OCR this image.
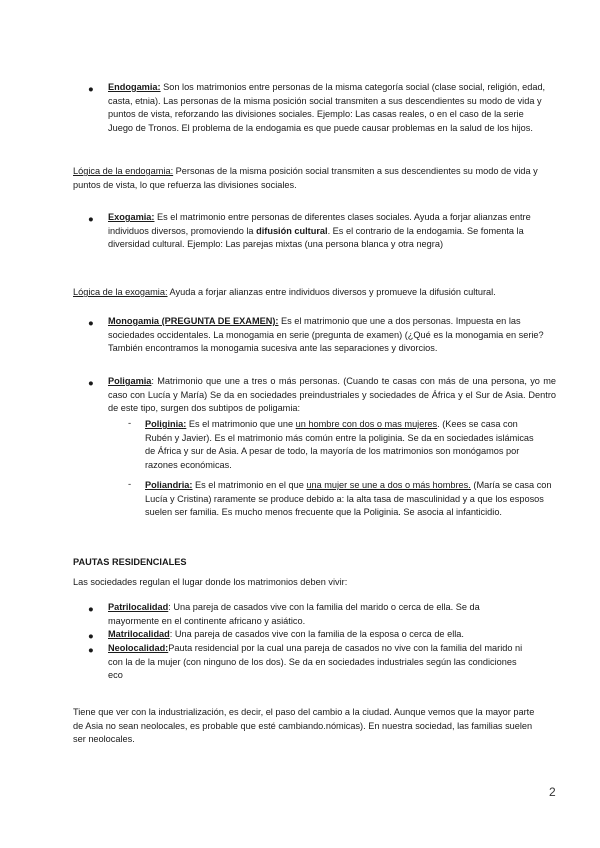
● Endogamia: Son los matrimonios entre personas de la misma categoría social (clase social, religión, edad, casta, etnia). Las personas de la misma posición social transmiten a sus descendientes su modo de vida y puntos de vista, reforzando las divisiones sociales. Ejemplo: Las casas reales, o en el caso de la serie Juego de Tronos. El problema de la endogamia es que puede causar problemas en la salud de los hijos.
Lógica de la endogamia: Personas de la misma posición social transmiten a sus descendientes su modo de vida y puntos de vista, lo que refuerza las divisiones sociales.
● Exogamia: Es el matrimonio entre personas de diferentes clases sociales. Ayuda a forjar alianzas entre individuos diversos, promoviendo la difusión cultural. Es el contrario de la endogamia. Se fomenta la diversidad cultural. Ejemplo: Las parejas mixtas (una persona blanca y otra negra)
Lógica de la exogamia: Ayuda a forjar alianzas entre individuos diversos y promueve la difusión cultural.
● Monogamia (PREGUNTA DE EXAMEN): Es el matrimonio que une a dos personas. Impuesta en las sociedades occidentales. La monogamia en serie (pregunta de examen) (¿Qué es la monogamia en serie? También encontramos la monogamia sucesiva ante las separaciones y divorcios.
● Poligamia: Matrimonio que une a tres o más personas. (Cuando te casas con más de una persona, yo me caso con Lucía y María) Se da en sociedades preindustriales y sociedades de África y el Sur de Asia. Dentro de este tipo, surgen dos subtipos de poligamia:
- Poliginia: Es el matrimonio que une un hombre con dos o mas mujeres. (Kees se casa con Rubén y Javier). Es el matrimonio más común entre la poliginia. Se da en sociedades islámicas de África y sur de Asia. A pesar de todo, la mayoría de los matrimonios son monógamos por razones económicas.
- Poliandria: Es el matrimonio en el que una mujer se une a dos o más hombres. (María se casa con Lucía y Cristina) raramente se produce debido a: la alta tasa de masculinidad y a que los esposos suelen ser familia. Es mucho menos frecuente que la Poliginia. Se asocia al infanticidio.
PAUTAS RESIDENCIALES
Las sociedades regulan el lugar donde los matrimonios deben vivir:
● Patrilocalidad: Una pareja de casados vive con la familia del marido o cerca de ella. Se da mayormente en el continente africano y asiático.
● Matrilocalidad: Una pareja de casados vive con la familia de la esposa o cerca de ella.
● Neolocalidad:Pauta residencial por la cual una pareja de casados no vive con la familia del marido ni con la de la mujer (con ninguno de los dos). Se da en sociedades industriales según las condiciones eco
Tiene que ver con la industrialización, es decir, el paso del cambio a la ciudad. Aunque vemos que la mayor parte de Asia no sean neolocales, es probable que esté cambiando.nómicas). En nuestra sociedad, las familias suelen ser neolocales.
2
